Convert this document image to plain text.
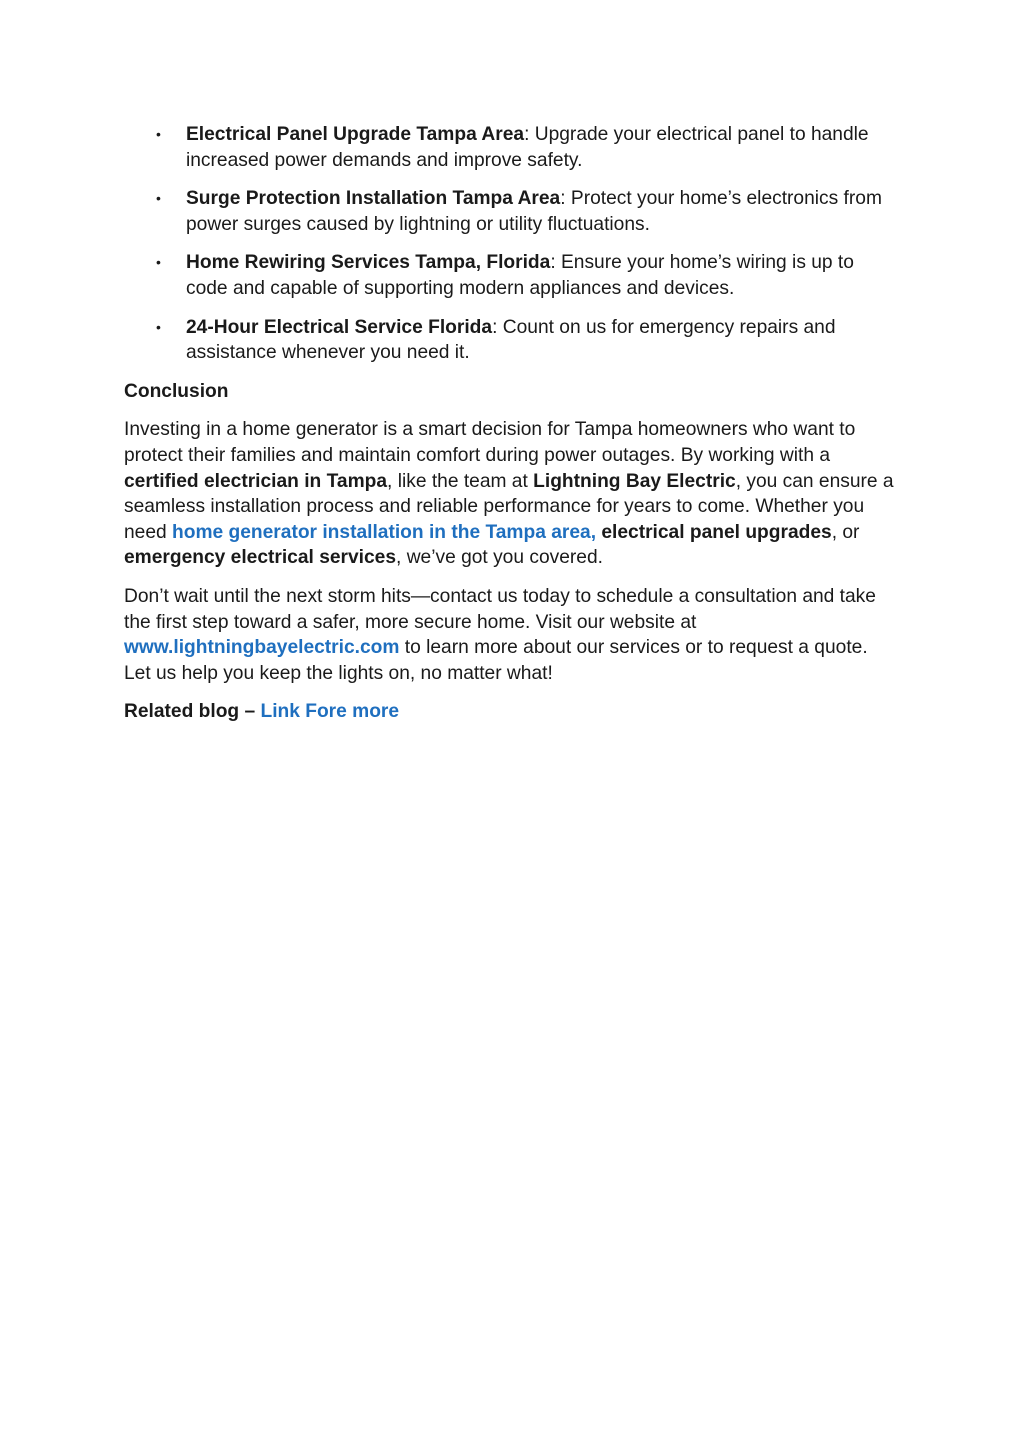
• Electrical Panel Upgrade Tampa Area: Upgrade your electrical panel to handle increased power demands and improve safety.
• Surge Protection Installation Tampa Area: Protect your home’s electronics from power surges caused by lightning or utility fluctuations.
• Home Rewiring Services Tampa, Florida: Ensure your home’s wiring is up to code and capable of supporting modern appliances and devices.
• 24-Hour Electrical Service Florida: Count on us for emergency repairs and assistance whenever you need it.
Conclusion

Investing in a home generator is a smart decision for Tampa homeowners who want to protect their families and maintain comfort during power outages. By working with a certified electrician in Tampa, like the team at Lightning Bay Electric, you can ensure a seamless installation process and reliable performance for years to come. Whether you need home generator installation in the Tampa area, electrical panel upgrades, or emergency electrical services, we’ve got you covered.

Don’t wait until the next storm hits—contact us today to schedule a consultation and take the first step toward a safer, more secure home. Visit our website at www.lightningbayelectric.com to learn more about our services or to request a quote. Let us help you keep the lights on, no matter what!

Related blog – Link Fore more
